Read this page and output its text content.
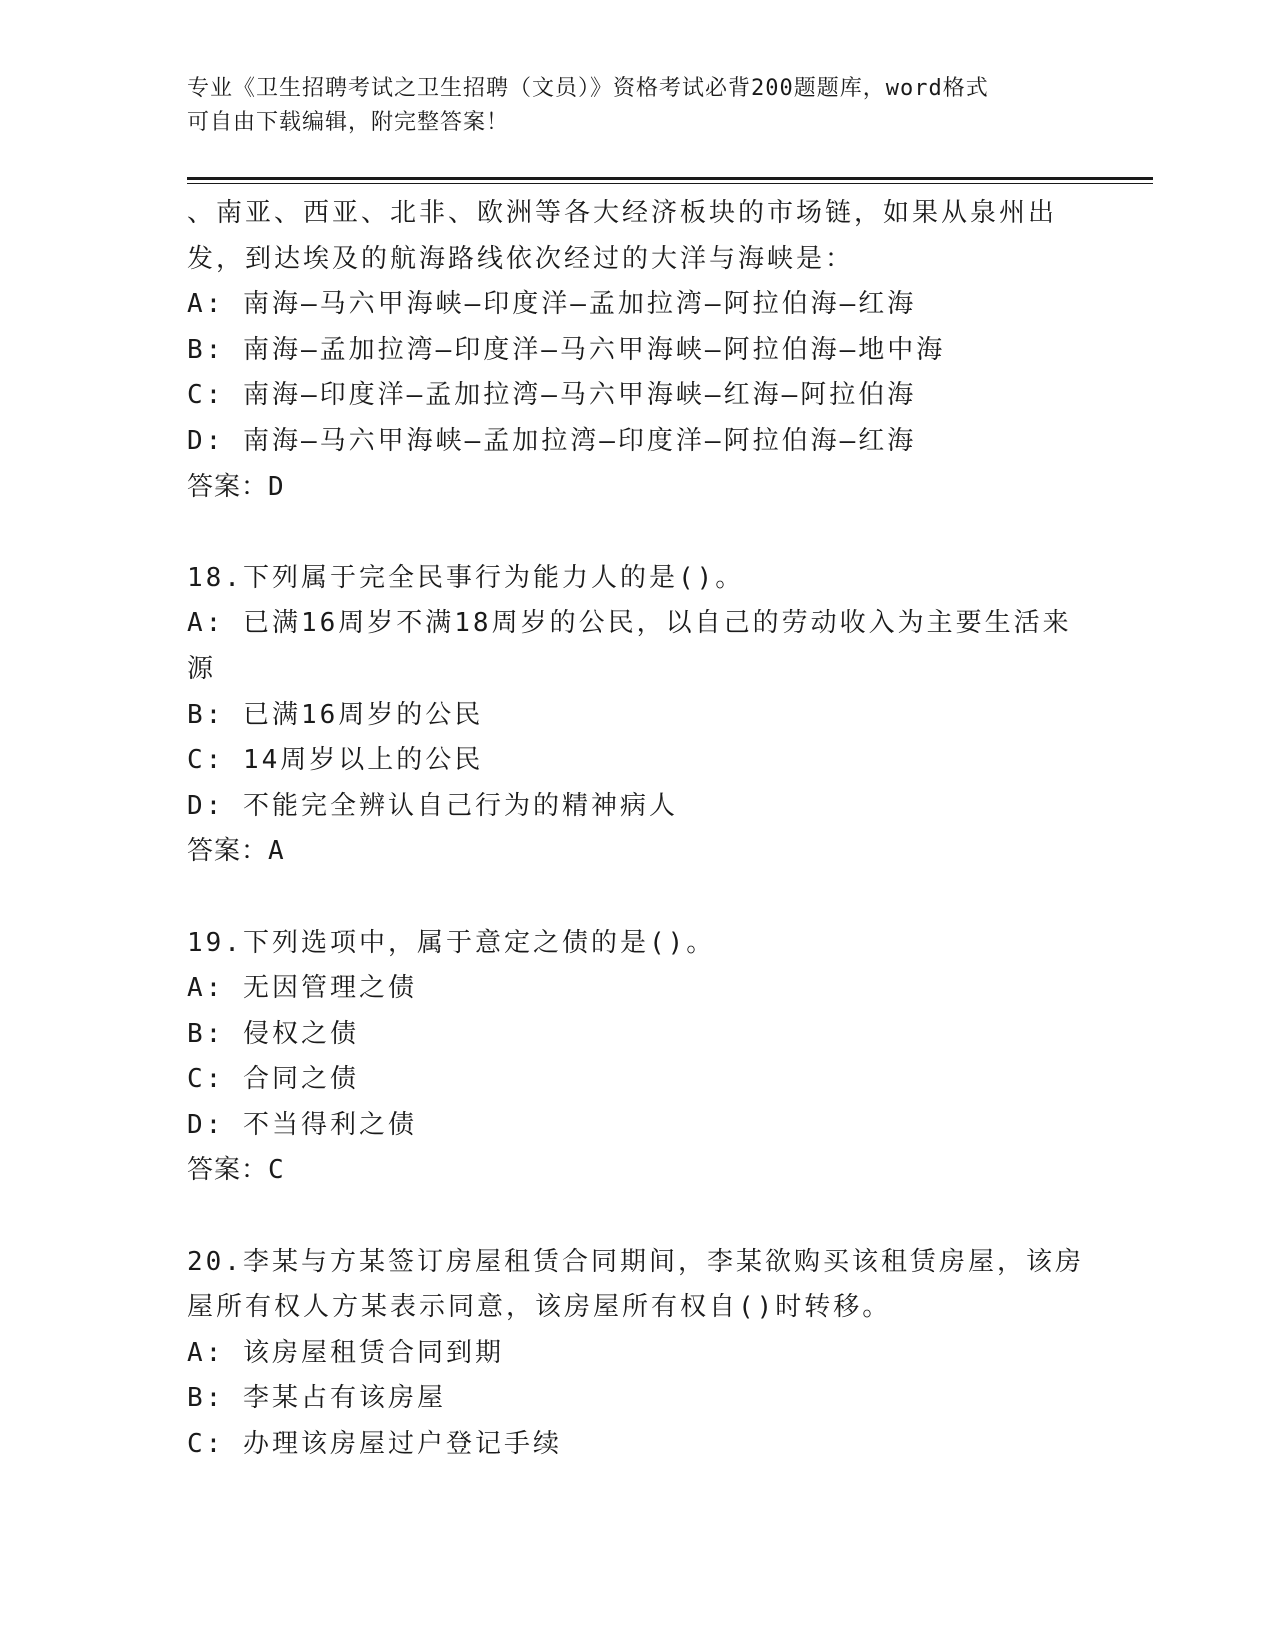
专业《卫生招聘考试之卫生招聘（文员）》资格考试必背200题题库，word格式
可自由下载编辑，附完整答案！
、南亚、西亚、北非、欧洲等各大经济板块的市场链，如果从泉州出
发，到达埃及的航海路线依次经过的大洋与海峡是：
A: 南海—马六甲海峡—印度洋—孟加拉湾—阿拉伯海—红海
B: 南海—孟加拉湾—印度洋—马六甲海峡—阿拉伯海—地中海
C: 南海—印度洋—孟加拉湾—马六甲海峡—红海—阿拉伯海
D: 南海—马六甲海峡—孟加拉湾—印度洋—阿拉伯海—红海
答案：D
18.下列属于完全民事行为能力人的是()。
A: 已满16周岁不满18周岁的公民，以自己的劳动收入为主要生活来
源
B: 已满16周岁的公民
C: 14周岁以上的公民
D: 不能完全辨认自己行为的精神病人
答案：A
19.下列选项中，属于意定之债的是()。
A: 无因管理之债
B: 侵权之债
C: 合同之债
D: 不当得利之债
答案：C
20.李某与方某签订房屋租赁合同期间，李某欲购买该租赁房屋，该房
屋所有权人方某表示同意，该房屋所有权自()时转移。
A: 该房屋租赁合同到期
B: 李某占有该房屋
C: 办理该房屋过户登记手续
